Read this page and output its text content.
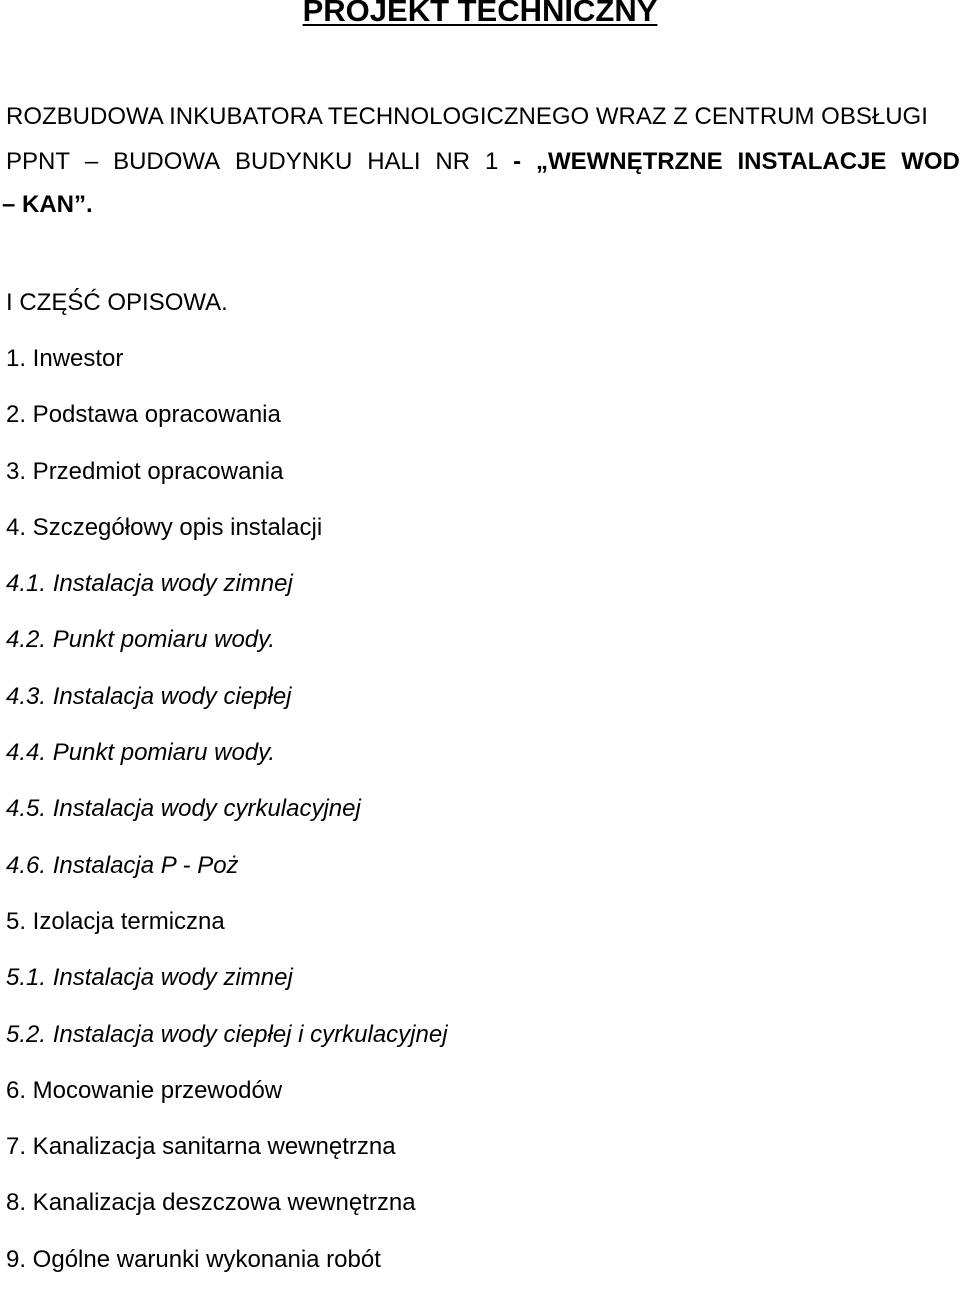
PROJEKT TECHNICZNY
ROZBUDOWA INKUBATORA TECHNOLOGICZNEGO WRAZ Z CENTRUM OBSŁUGI
PPNT – BUDOWA BUDYNKU HALI NR 1 - „WEWNĘTRZNE INSTALACJE WOD
– KAN”.
I CZĘŚĆ OPISOWA.
1. Inwestor
2. Podstawa opracowania
3. Przedmiot opracowania
4. Szczegółowy opis instalacji
4.1. Instalacja wody zimnej
4.2. Punkt pomiaru wody.
4.3. Instalacja wody ciepłej
4.4. Punkt pomiaru wody.
4.5. Instalacja wody cyrkulacyjnej
4.6. Instalacja P - Poż
5. Izolacja termiczna
5.1. Instalacja wody zimnej
5.2. Instalacja wody ciepłej i cyrkulacyjnej
6. Mocowanie przewodów
7. Kanalizacja sanitarna wewnętrzna
8. Kanalizacja deszczowa wewnętrzna
9. Ogólne warunki wykonania robót
